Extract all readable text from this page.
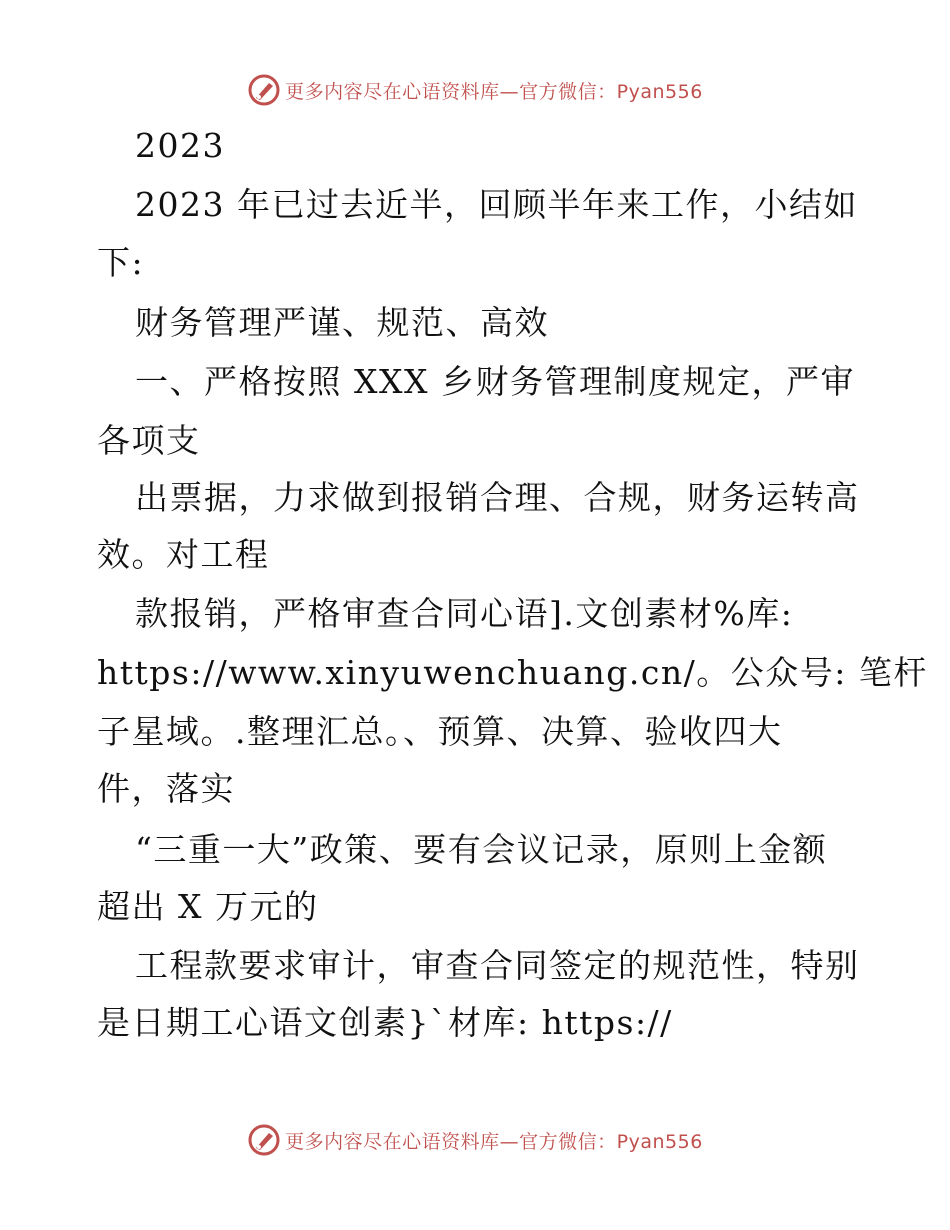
更多内容尽在心语资料库—官方微信：Pyan556
2023
2023 年已过去近半，回顾半年来工作，小结如
下:
财务管理严谨、规范、高效
一、严格按照 XXX 乡财务管理制度规定，严审
各项支
出票据，力求做到报销合理、合规，财务运转高
效。对工程
款报销，严格审查合同心语].文创素材%库:
https://www.xinyuwenchuang.cn/。公众号: 笔杆
子星域。.整理汇总。、预算、决算、验收四大
件，落实
“三重一大”政策、要有会议记录，原则上金额
超出 X 万元的
工程款要求审计，审查合同签定的规范性，特别
是日期工心语文创素}`材库: https://
更多内容尽在心语资料库—官方微信：Pyan556
